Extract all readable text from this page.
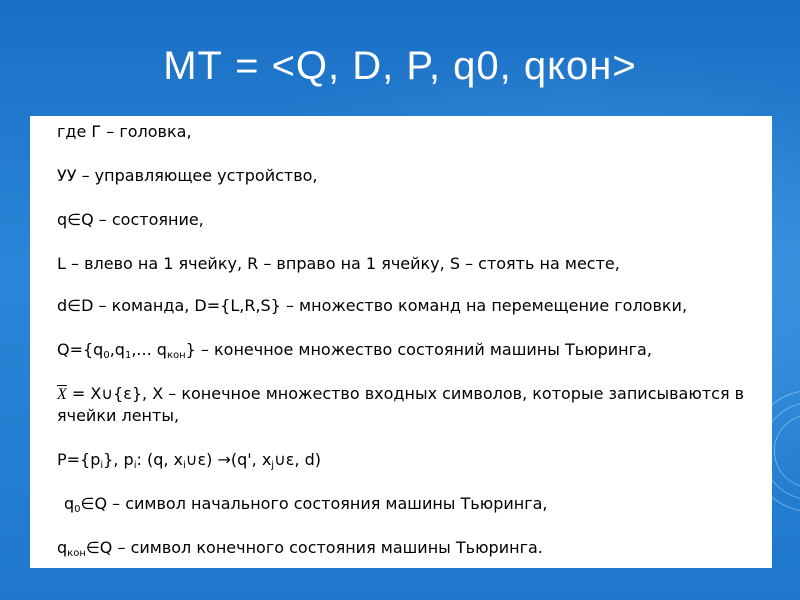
МТ = <Q, D, P, q0, qкон>
где Г – головка,
УУ – управляющее устройство,
q∈Q – состояние,
L – влево на 1 ячейку, R – вправо на 1 ячейку, S – стоять на месте,
d∈D – команда, D={L,R,S} – множество команд на перемещение головки,
$Q=\{q_0,q_1$,... $q_{кон}$} – конечное множество состояний машины Тьюринга,
$\overline{X}$ = X∪{ε}, X – конечное множество входных символов, которые записываются в
ячейки ленты,
$P=\{p_i\}$, $p_i$: (q, $x_i\cup\varepsilon) \to(q'$, $x_j\cup\varepsilon$, d)
$q_0\in Q$ – символ начального состояния машины Тьюринга,
$q_{кон}\in Q$ – символ конечного состояния машины Тьюринга.
